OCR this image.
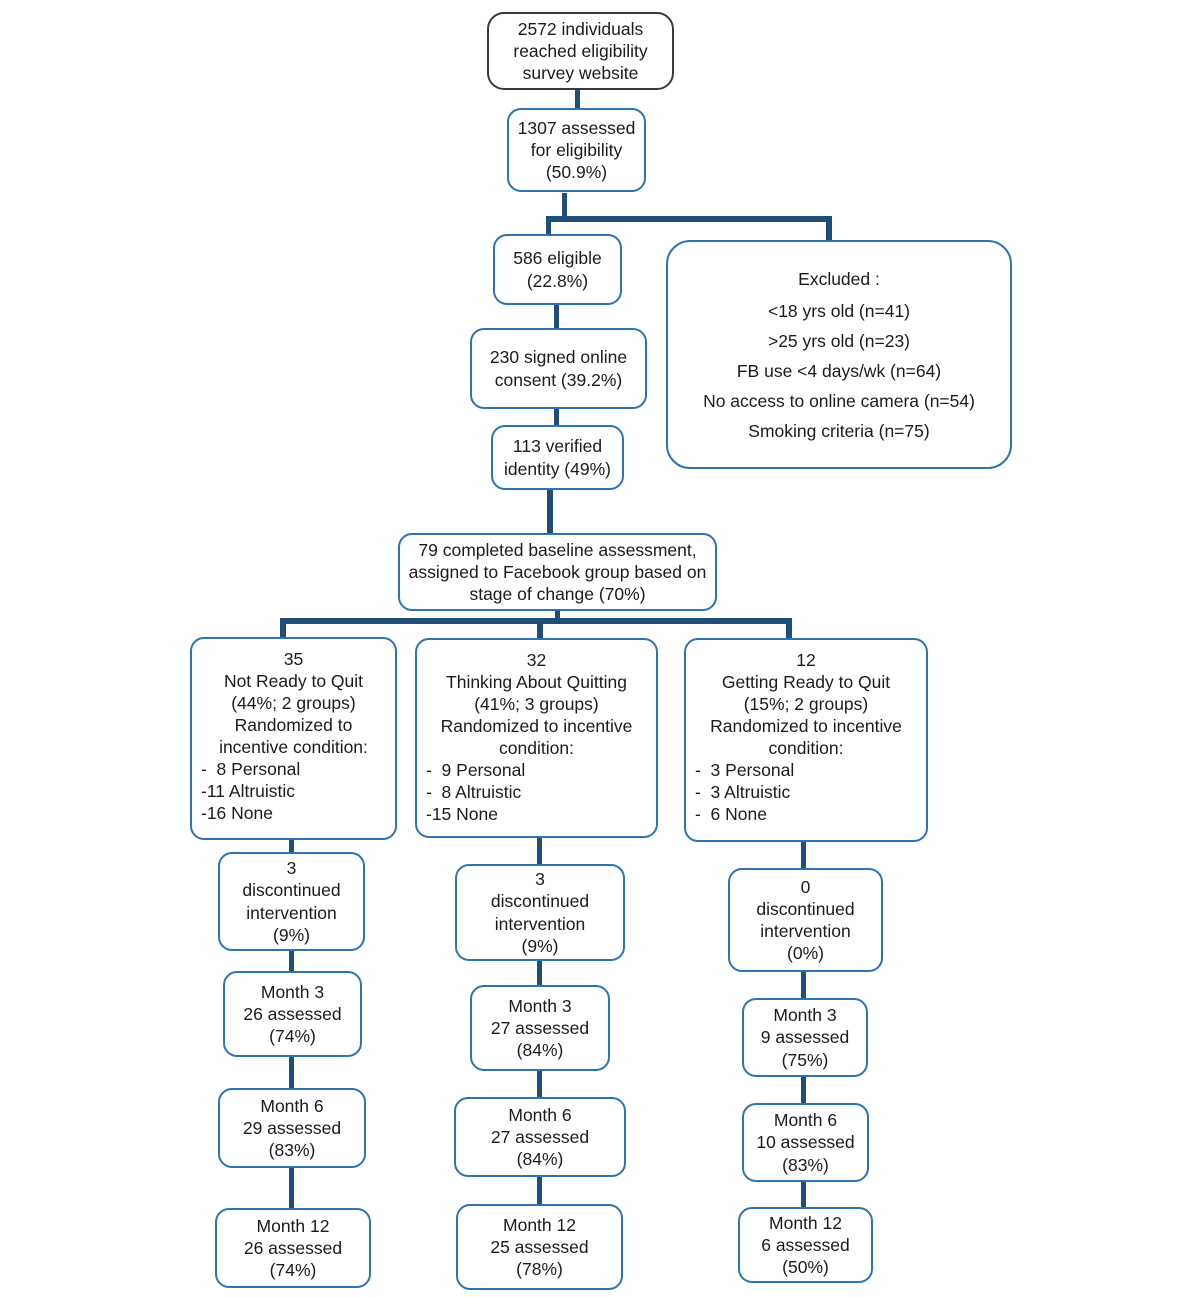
2572 individuals
reached eligibility
survey website
1307 assessed
for eligibility
(50.9%)
586 eligible
(22.8%)	Excluded :
<18 yrs old (n=41)
>25 yrs old (n=23)
FB use <4 days/wk (n=64)
No access to online camera (n=54)
Smoking criteria (n=75)
230 signed online
consent (39.2%)
113 verified
identity (49%)
79 completed baseline assessment,
assigned to Facebook group based on
stage of change (70%)
35
Not Ready to Quit
(44%; 2 groups)
Randomized to
incentive condition:
-  8 Personal
-11 Altruistic
-16 None
32
Thinking About Quitting
(41%; 3 groups)
Randomized to incentive
condition:
-  9 Personal
-  8 Altruistic
-15 None
12
Getting Ready to Quit
(15%; 2 groups)
Randomized to incentive
condition:
-  3 Personal
-  3 Altruistic
-  6 None
3
discontinued
intervention
(9%)
3
discontinued
intervention
(9%)
0
discontinued
intervention
(0%)
Month 3
26 assessed
(74%)
Month 3
27 assessed
(84%)
Month 3
9 assessed
(75%)
Month 6
29 assessed
(83%)
Month 6
27 assessed
(84%)
Month 6
10 assessed
(83%)
Month 12
26 assessed
(74%)
Month 12
25 assessed
(78%)
Month 12
6 assessed
(50%)
